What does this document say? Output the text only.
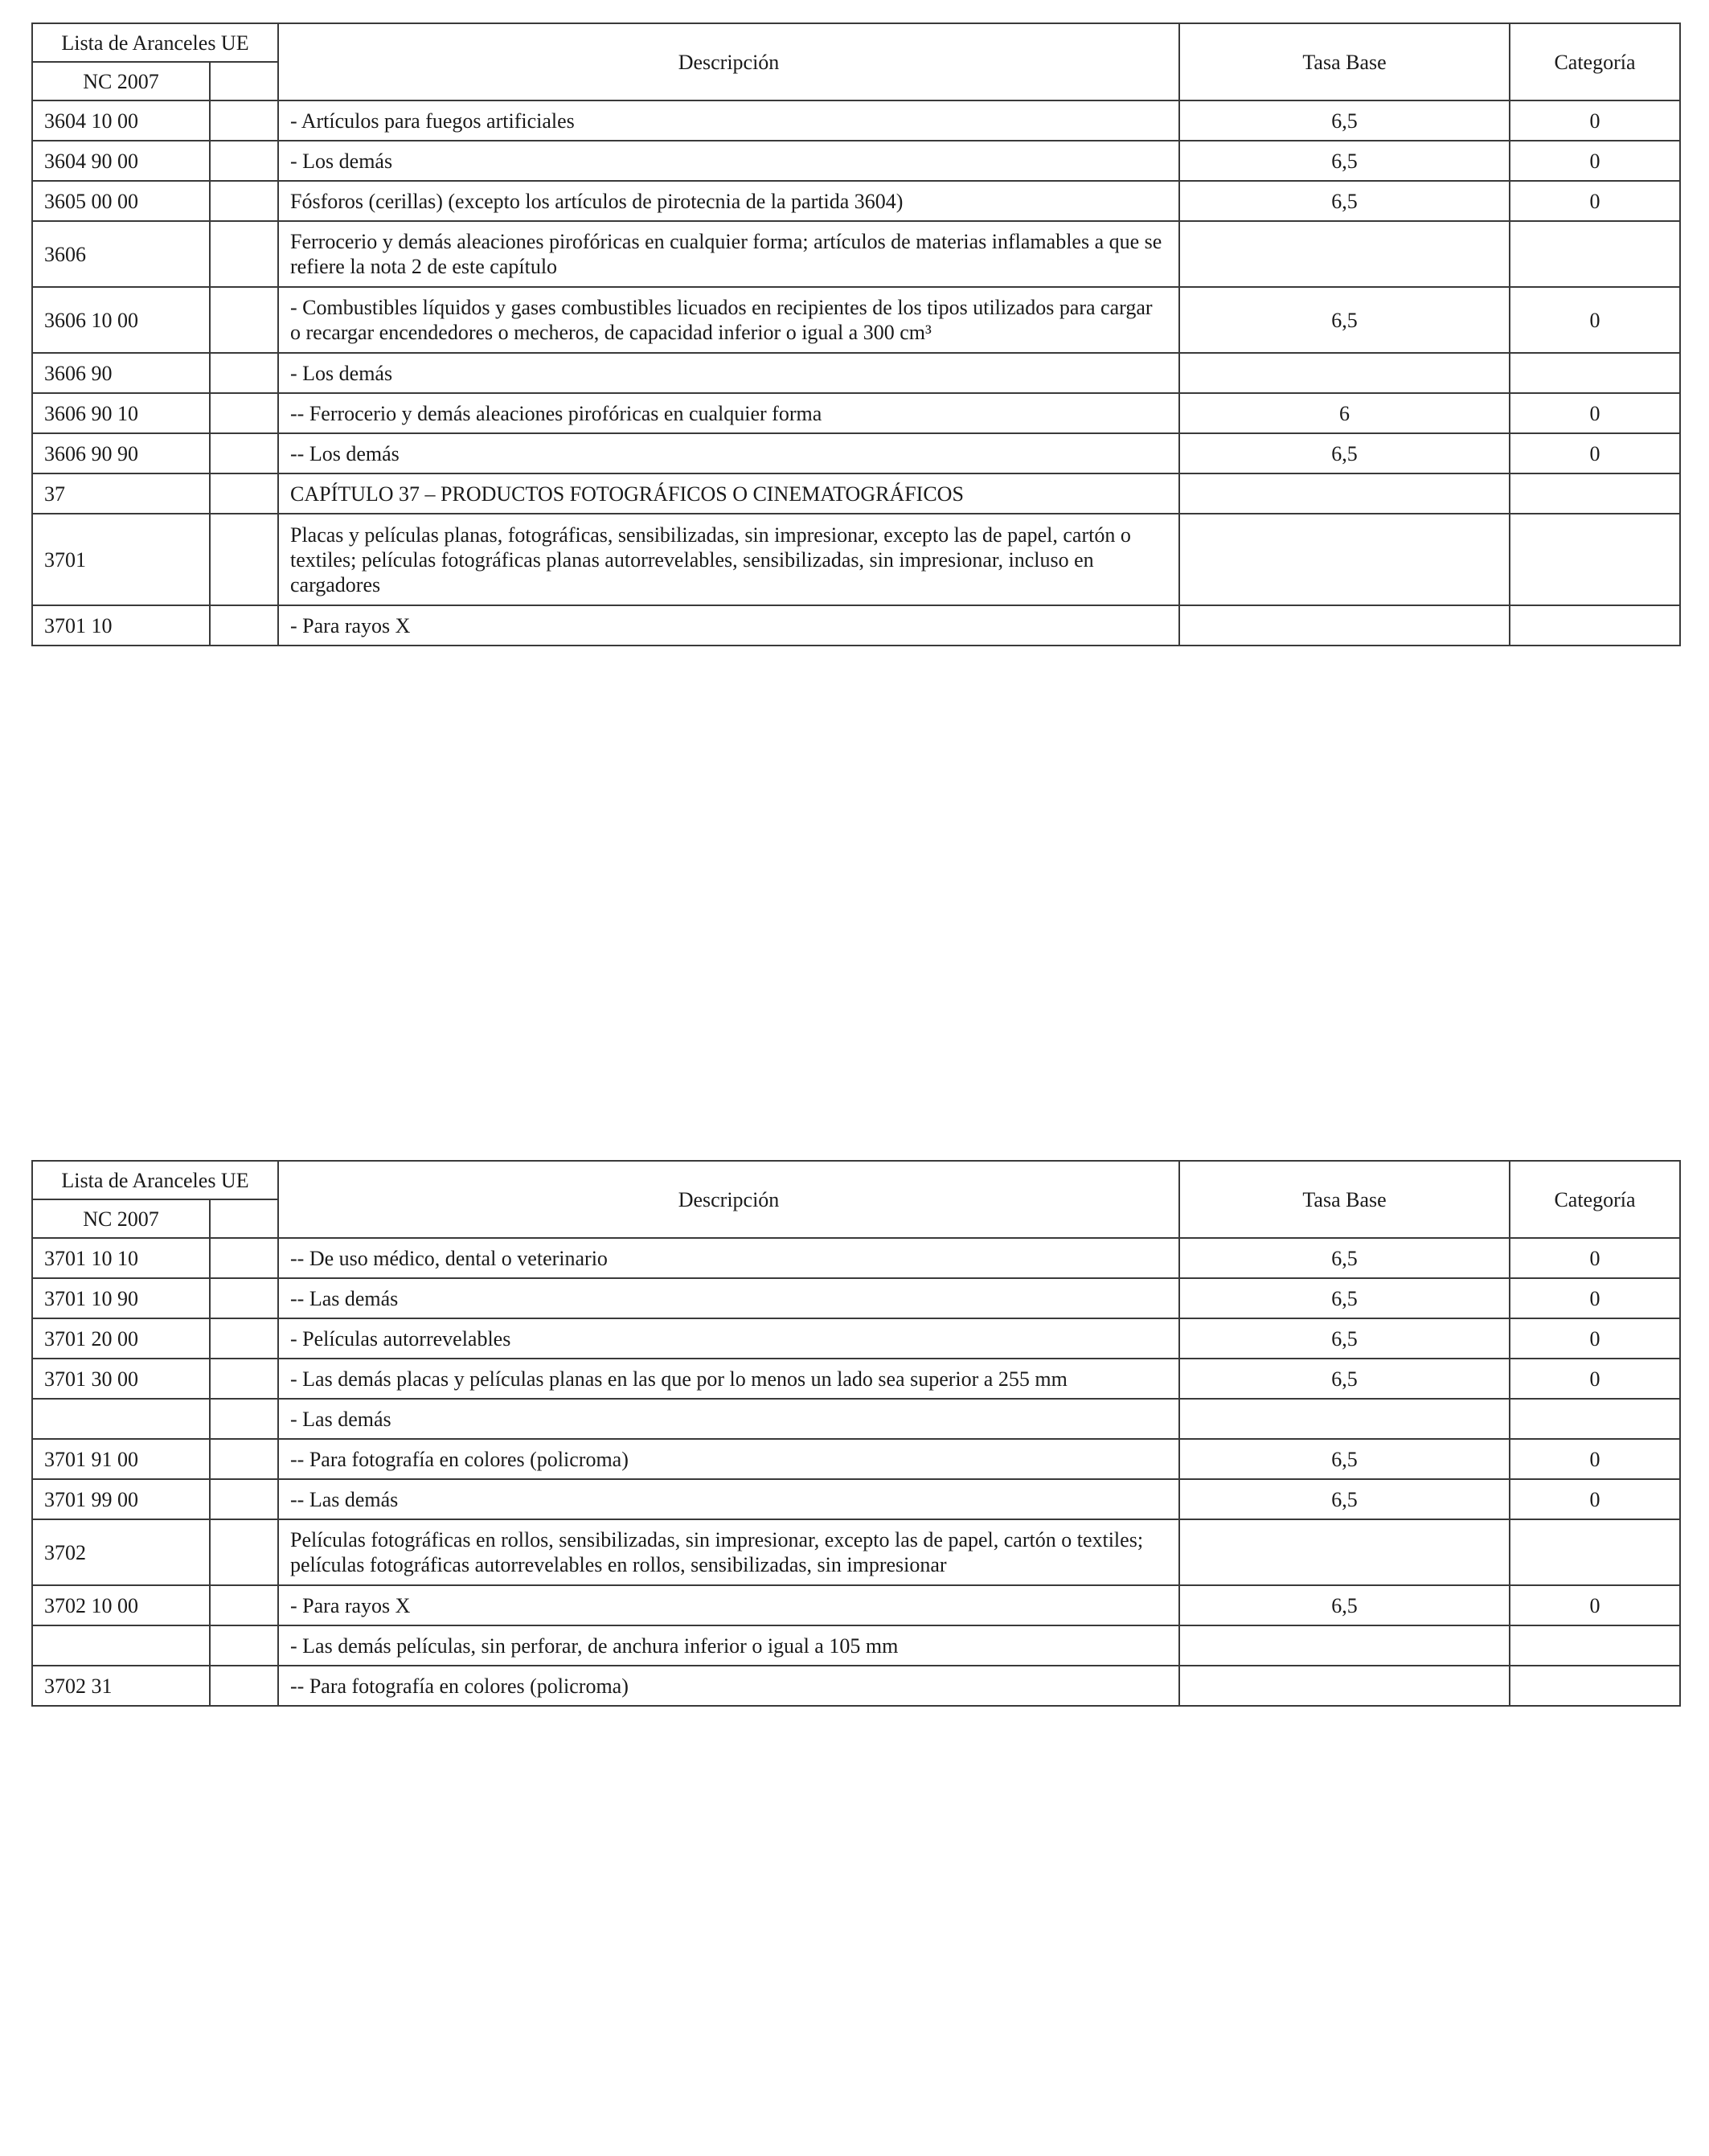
Lista de Aranceles UE		Descripción	Tasa Base	Categoría
NC 2007				
3604 10 00		- Artículos para fuegos artificiales	6,5	0
3604 90 00		- Los demás	6,5	0
3605 00 00		Fósforos (cerillas) (excepto los artículos de pirotecnia de la partida 3604)	6,5	0
3606		Ferrocerio y demás aleaciones pirofóricas en cualquier forma; artículos de materias inflamables a que se refiere la nota 2 de este capítulo		
3606 10 00		- Combustibles líquidos y gases combustibles licuados en recipientes de los tipos utilizados para cargar o recargar encendedores o mecheros, de capacidad inferior o igual a 300 cm³	6,5	0
3606 90		- Los demás		
3606 90 10		-- Ferrocerio y demás aleaciones pirofóricas en cualquier forma	6	0
3606 90 90		-- Los demás	6,5	0
37		CAPÍTULO 37 – PRODUCTOS FOTOGRÁFICOS O CINEMATOGRÁFICOS		
3701		Placas y películas planas, fotográficas, sensibilizadas, sin impresionar, excepto las de papel, cartón o textiles; películas fotográficas planas autorrevelables, sensibilizadas, sin impresionar, incluso en cargadores		
3701 10		- Para rayos X		
Lista de Aranceles UE		Descripción	Tasa Base	Categoría
NC 2007				
3701 10 10		-- De uso médico, dental o veterinario	6,5	0
3701 10 90		-- Las demás	6,5	0
3701 20 00		- Películas autorrevelables	6,5	0
3701 30 00		- Las demás placas y películas planas en las que por lo menos un lado sea superior a 255 mm	6,5	0
		- Las demás		
3701 91 00		-- Para fotografía en colores (policroma)	6,5	0
3701 99 00		-- Las demás	6,5	0
3702		Películas fotográficas en rollos, sensibilizadas, sin impresionar, excepto las de papel, cartón o textiles; películas fotográficas autorrevelables en rollos, sensibilizadas, sin impresionar		
3702 10 00		- Para rayos X	6,5	0
		- Las demás películas, sin perforar, de anchura inferior o igual a 105 mm		
3702 31		-- Para fotografía en colores (policroma)		
